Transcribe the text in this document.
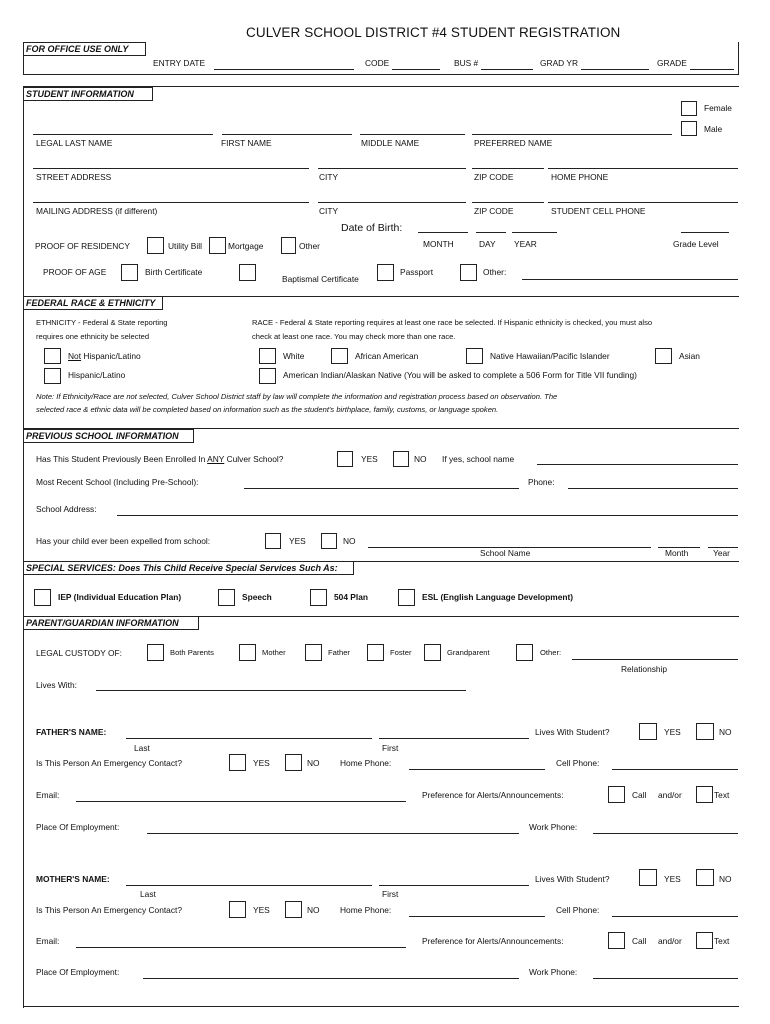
CULVER SCHOOL DISTRICT #4 STUDENT REGISTRATION
FOR OFFICE USE ONLY
ENTRY DATE	CODE	BUS #	GRAD YR	GRADE
STUDENT INFORMATION
Female
Male
LEGAL LAST NAME	FIRST NAME	MIDDLE NAME	PREFERRED NAME
STREET ADDRESS	CITY	ZIP CODE	HOME PHONE
MAILING ADDRESS (if different)	CITY	ZIP CODE	STUDENT CELL PHONE
Date of Birth:
PROOF OF RESIDENCY	Utility Bill	Mortgage	Other	MONTH	DAY YEAR	Grade Level
PROOF OF AGE	Birth Certificate
Baptismal Certificate
Passport	Other:
FEDERAL RACE & ETHNICITY
ETHNICITY - Federal & State reporting
requires one ethnicity be selected
RACE - Federal & State reporting requires at least one race be selected. If Hispanic ethnicity is checked, you must also
check at least one race. You may check more than one race.
Not Hispanic/Latino
Hispanic/Latino
White	African American	Native Hawaiian/Pacific Islander	Asian
American Indian/Alaskan Native (You will be asked to complete a 506 Form for Title VII funding)
Note: If Ethnicity/Race are not selected, Culver School District staff by law will complete the information and registration process based on observation. The
selected race & ethnic data will be completed based on information such as the student's birthplace, family, customs, or language spoken.
PREVIOUS SCHOOL INFORMATION
Has This Student Previously Been Enrolled In ANY Culver School?	YES	NO If yes, school name
Most Recent School (Including Pre-School):	Phone:
School Address:
Has your child ever been expelled from school:	YES	NO
School Name	Month	Year
SPECIAL SERVICES: Does This Child Receive Special Services Such As:
IEP (Individual Education Plan)	Speech	504 Plan	ESL (English Language Development)
PARENT/GUARDIAN INFORMATION
LEGAL CUSTODY OF:	Both Parents	Mother	Father	Foster	Grandparent	Other:
Relationship
Lives With:
FATHER'S NAME:	Lives With Student?	YES	NO
Last	First
Is This Person An Emergency Contact?	YES	NO Home Phone:	Cell Phone:
Email:	Preference for Alerts/Announcements:	Call and/or	Text
Place Of Employment:	Work Phone:
MOTHER'S NAME:	Lives With Student?	YES	NO
Last	First
Is This Person An Emergency Contact?	YES	NO Home Phone:	Cell Phone:
Email:	Preference for Alerts/Announcements:	Call and/or	Text
Place Of Employment:	Work Phone:
